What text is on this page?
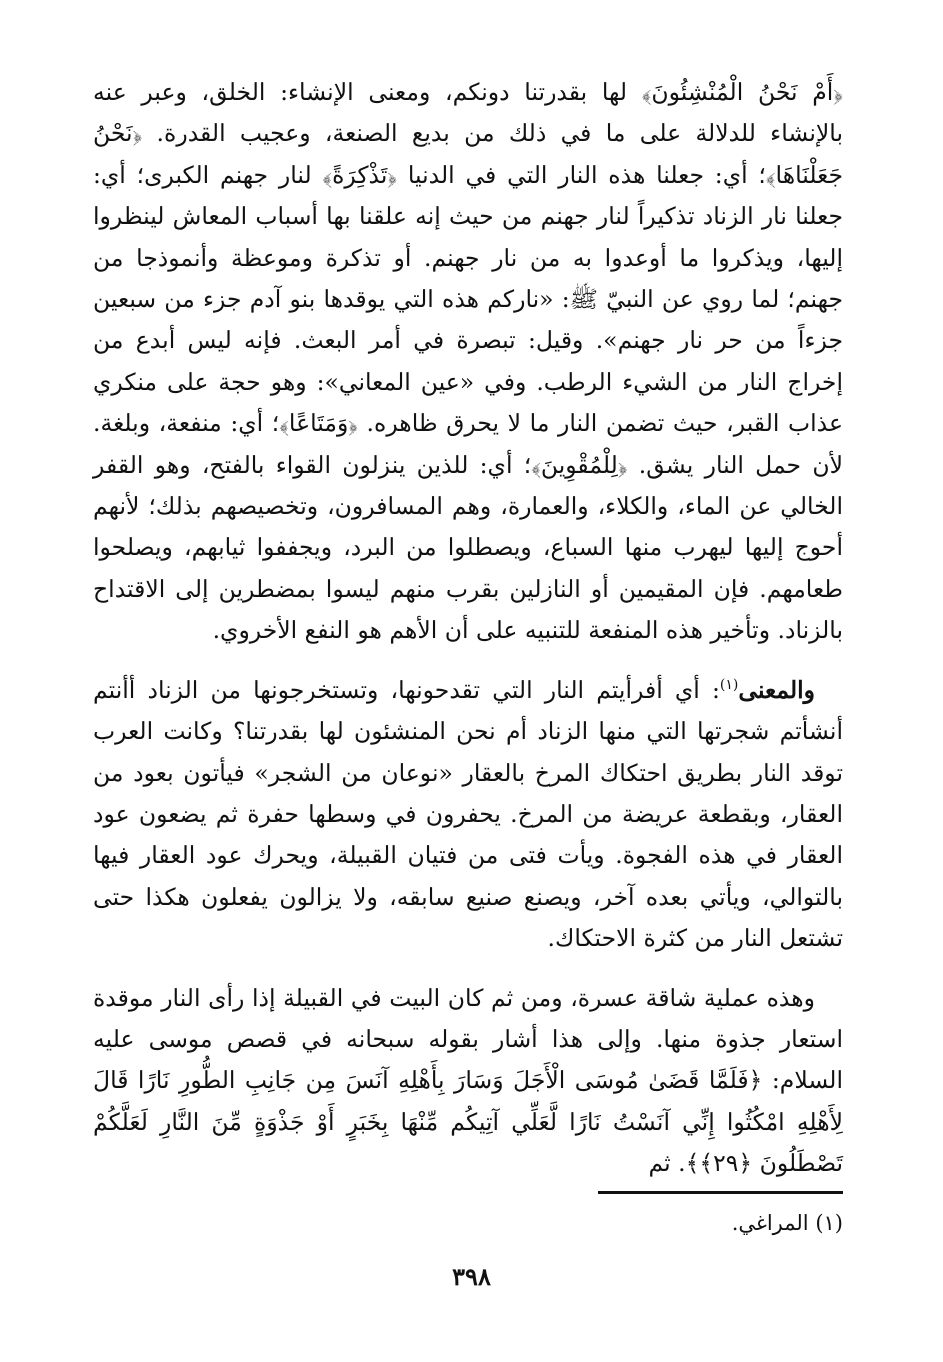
﴿أَمْ نَحْنُ الْمُنْشِئُونَ﴾ لها بقدرتنا دونكم، ومعنى الإنشاء: الخلق، وعبر عنه بالإنشاء للدلالة على ما في ذلك من بديع الصنعة، وعجيب القدرة. ﴿نَحْنُ جَعَلْنَاهَا﴾؛ أي: جعلنا هذه النار التي في الدنيا ﴿تَذْكِرَةً﴾ لنار جهنم الكبرى؛ أي: جعلنا نار الزناد تذكيراً لنار جهنم من حيث إنه علقنا بها أسباب المعاش لينظروا إليها، ويذكروا ما أوعدوا به من نار جهنم. أو تذكرة وموعظة وأنموذجا من جهنم؛ لما روي عن النبيّ ﷺ: «ناركم هذه التي يوقدها بنو آدم جزء من سبعين جزءاً من حر نار جهنم». وقيل: تبصرة في أمر البعث. فإنه ليس أبدع من إخراج النار من الشيء الرطب. وفي «عين المعاني»: وهو حجة على منكري عذاب القبر، حيث تضمن النار ما لا يحرق ظاهره. ﴿وَمَتَاعًا﴾؛ أي: منفعة، وبلغة. لأن حمل النار يشق. ﴿لِلْمُقْوِينَ﴾؛ أي: للذين ينزلون القواء بالفتح، وهو القفر الخالي عن الماء، والكلاء، والعمارة، وهم المسافرون، وتخصيصهم بذلك؛ لأنهم أحوج إليها ليهرب منها السباع، ويصطلوا من البرد، ويجففوا ثيابهم، ويصلحوا طعامهم. فإن المقيمين أو النازلين بقرب منهم ليسوا بمضطرين إلى الاقتداح بالزناد. وتأخير هذه المنفعة للتنبيه على أن الأهم هو النفع الأخروي.

والمعنى$^{(١)}$: أي أفرأيتم النار التي تقدحونها، وتستخرجونها من الزناد أأنتم أنشأتم شجرتها التي منها الزناد أم نحن المنشئون لها بقدرتنا؟ وكانت العرب توقد النار بطريق احتكاك المرخ بالعقار «نوعان من الشجر» فيأتون بعود من العقار، وبقطعة عريضة من المرخ. يحفرون في وسطها حفرة ثم يضعون عود العقار في هذه الفجوة. ويأت فتى من فتيان القبيلة، ويحرك عود العقار فيها بالتوالي، ويأتي بعده آخر، ويصنع صنيع سابقه، ولا يزالون يفعلون هكذا حتى تشتعل النار من كثرة الاحتكاك.

وهذه عملية شاقة عسرة، ومن ثم كان البيت في القبيلة إذا رأى النار موقدة استعار جذوة منها. وإلى هذا أشار بقوله سبحانه في قصص موسى عليه السلام: ﴿فَلَمَّا قَضَىٰ مُوسَى الْأَجَلَ وَسَارَ بِأَهْلِهِ آنَسَ مِن جَانِبِ الطُّورِ نَارًا قَالَ لِأَهْلِهِ امْكُثُوا إِنِّي آنَسْتُ نَارًا لَّعَلِّي آتِيكُم مِّنْهَا بِخَبَرٍ أَوْ جَذْوَةٍ مِّنَ النَّارِ لَعَلَّكُمْ تَصْطَلُونَ ﴿٢٩﴾﴾. ثم

(١) المراغي.
٣٩٨
